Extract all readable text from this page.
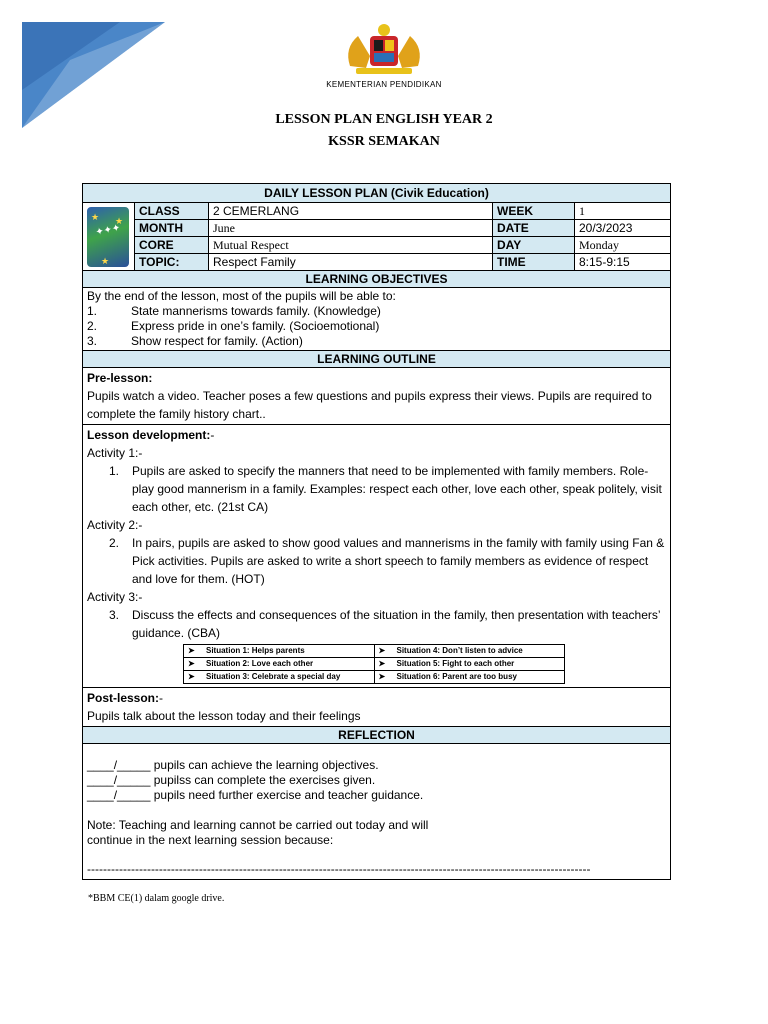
KEMENTERIAN PENDIDIKAN
LESSON PLAN ENGLISH YEAR 2
KSSR SEMAKAN
DAILY LESSON PLAN (Civik Education)

★ ★
★
✦✦✦
	CLASS	2 CEMERLANG	WEEK	1
MONTH	June	DATE	20/3/2023
CORE	Mutual Respect	DAY	Monday
TOPIC:	Respect Family	TIME	8:15-9:15
LEARNING OBJECTIVES

By the end of the lesson, most of the pupils will be able to:
1.	State mannerisms towards family. (Knowledge)
2.	Express pride in one’s family. (Socioemotional)
3.	Show respect for family. (Action)

LEARNING OUTLINE

Pre-lesson:
Pupils watch a video. Teacher poses a few questions and pupils express their views. Pupils are required to complete the family history chart..

Lesson development:-
Activity 1:-
1.	Pupils are asked to specify the manners that need to be implemented with family members. Role-play good mannerism in a family. Examples: respect each other, love each other, speak politely, visit each other, etc. (21st CA)
Activity 2:-
2.	In pairs, pupils are asked to show good values and mannerisms in the family with family using Fan & Pick activities. Pupils are asked to write a short speech to family members as evidence of respect and love for them. (HOT)
Activity 3:-
3.	Discuss the effects and consequences of the situation in the family, then presentation with teachers’ guidance. (CBA)
➤ Situation 1: Helps parents	➤ Situation 4: Don’t listen to advice
➤ Situation 2: Love each other	➤ Situation 5: Fight to each other
➤ Situation 3: Celebrate a special day	➤ Situation 6: Parent are too busy

Post-lesson:-
Pupils talk about the lesson today and their feelings

REFLECTION

____/_____ pupils can achieve the learning objectives.
____/_____ pupilss can complete the exercises given.
____/_____ pupils need further exercise and teacher guidance.
Note: Teaching and learning cannot be carried out today and will
continue in the next learning session because:
------------------------------------------------------------------------------------------------------------------------------
*BBM CE(1) dalam google drive.
